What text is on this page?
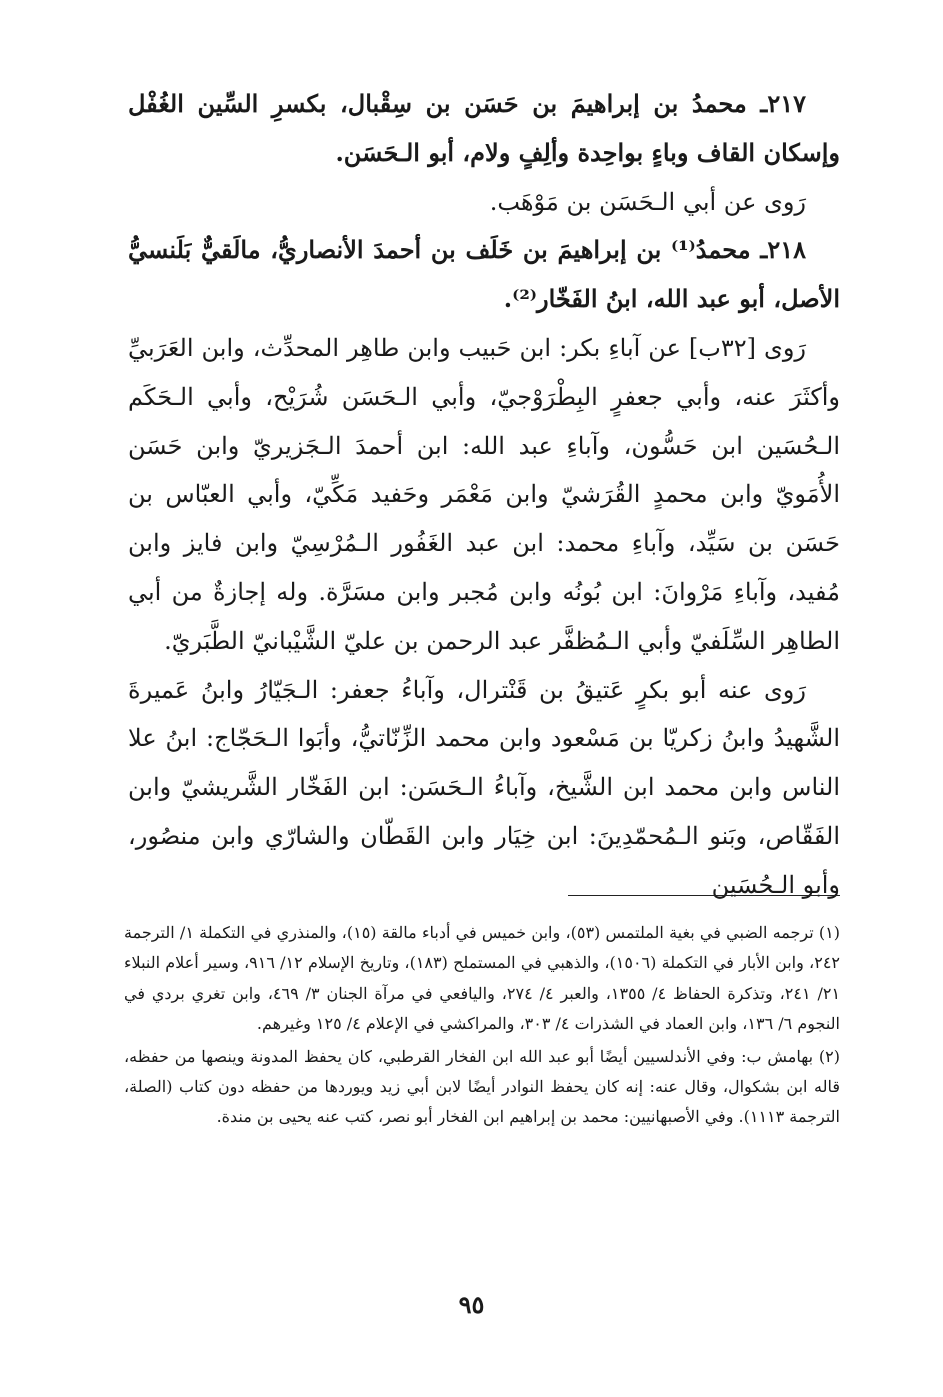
٢١٧ـ محمدُ بن إبراهيمَ بن حَسَن بن سِقْبال، بكسرِ السِّين الغُفْل وإسكان القاف وباءٍ بواحِدة وألِفٍ ولام، أبو الـحَسَن.

رَوى عن أبي الـحَسَن بن مَوْهَب.

٢١٨ـ محمدُ⁽¹⁾ بن إبراهيمَ بن خَلَف بن أحمدَ الأنصاريُّ، مالَقيٌّ بَلَنسيُّ الأصل، أبو عبد الله، ابنُ الفَخّار⁽²⁾.

رَوى [٣٢ب] عن آباءِ بكر: ابن حَبيب وابن طاهِر المحدِّث، وابن العَرَبيِّ وأكثَرَ عنه، وأبي جعفرٍ البِطْرَوْجيّ، وأبي الـحَسَن شُرَيْح، وأبي الـحَكَم الـحُسَين ابن حَسُّون، وآباءِ عبد الله: ابن أحمدَ الـجَزيريّ وابن حَسَن الأُمَويّ وابن محمدٍ القُرَشيّ وابن مَعْمَر وحَفيد مَكِّيّ، وأبي العبّاس بن حَسَن بن سَيِّد، وآباءِ محمد: ابن عبد الغَفُور الـمُرْسِيّ وابن فايز وابن مُفيد، وآباءِ مَرْوانَ: ابن بُونُه وابن مُجبر وابن مسَرَّة. وله إجازةٌ من أبي الطاهِر السِّلَفيّ وأبي الـمُظفَّر عبد الرحمن بن عليّ الشَّيْبانيّ الطَّبَريّ.

رَوى عنه أبو بكرٍ عَتيقُ بن قَنْترال، وآباءُ جعفر: الـجَيّارُ وابنُ عَميرةَ الشَّهيدُ وابنُ زكريّا بن مَسْعود وابن محمد الزِّنّاتيُّ، وأبَوا الـحَجّاج: ابنُ علا الناس وابن محمد ابن الشَّيخ، وآباءُ الـحَسَن: ابن الفَخّار الشَّريشيّ وابن الفَقّاص، وبَنو الـمُحمّدِينَ: ابن خِيَار وابن القَطّان والشارّي وابن منصُور، وأبو الـحُسَين

(١) ترجمه الضبي في بغية الملتمس (٥٣)، وابن خميس في أدباء مالقة (١٥)، والمنذري في التكملة ١/ الترجمة ٢٤٢، وابن الأبار في التكملة (١٥٠٦)، والذهبي في المستملح (١٨٣)، وتاريخ الإسلام ١٢/ ٩١٦، وسير أعلام النبلاء ٢١/ ٢٤١، وتذكرة الحفاظ ٤/ ١٣٥٥، والعبر ٤/ ٢٧٤، واليافعي في مرآة الجنان ٣/ ٤٦٩، وابن تغري بردي في النجوم ٦/ ١٣٦، وابن العماد في الشذرات ٤/ ٣٠٣، والمراكشي في الإعلام ٤/ ١٢٥ وغيرهم.

(٢) بهامش ب: وفي الأندلسيين أيضًا أبو عبد الله ابن الفخار القرطبي، كان يحفظ المدونة وينصها من حفظه، قاله ابن بشكوال، وقال عنه: إنه كان يحفظ النوادر أيضًا لابن أبي زيد ويوردها من حفظه دون كتاب (الصلة، الترجمة ١١١٣). وفي الأصبهانيين: محمد بن إبراهيم ابن الفخار أبو نصر، كتب عنه يحيى بن مندة.

٩٥
